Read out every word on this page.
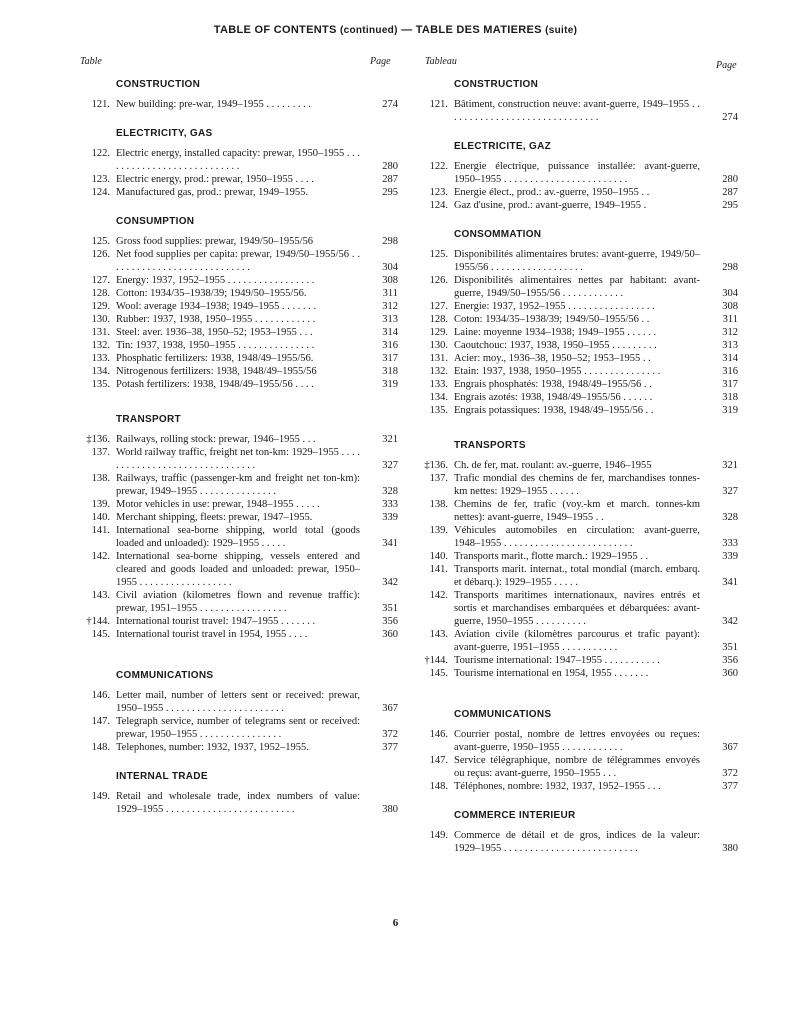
TABLE OF CONTENTS (continued) — TABLE DES MATIERES (suite)
Table	Page	Tableau	Page
CONSTRUCTION
121. New building: pre-war, 1949–1955 . . . . . . . . .	274
ELECTRICITY, GAS
122. Electric energy, installed capacity: prewar, 1950–1955 . . . . . . . . . . . . . . . . . . . . . . . . . . .	280
123. Electric energy, prod.: prewar, 1950–1955 . . . .	287
124. Manufactured gas, prod.: prewar, 1949–1955.	295
CONSUMPTION
125. Gross food supplies: prewar, 1949/50–1955/56	298
126. Net food supplies per capita: prewar, 1949/50–1955/56 . . . . . . . . . . . . . . . . . . . . . . . . . . . .	304
127. Energy: 1937, 1952–1955 . . . . . . . . . . . . . . . . .	308
128. Cotton: 1934/35–1938/39; 1949/50–1955/56.	311
129. Wool: average 1934–1938; 1949–1955 . . . . . . .	312
130. Rubber: 1937, 1938, 1950–1955 . . . . . . . . . . . .	313
131. Steel: aver. 1936–38, 1950–52; 1953–1955 . . .	314
132. Tin: 1937, 1938, 1950–1955 . . . . . . . . . . . . . . .	316
133. Phosphatic fertilizers: 1938, 1948/49–1955/56.	317
134. Nitrogenous fertilizers: 1938, 1948/49–1955/56	318
135. Potash fertilizers: 1938, 1948/49–1955/56 . . . .	319
TRANSPORT
‡136. Railways, rolling stock: prewar, 1946–1955 . . .	321
137. World railway traffic, freight net ton-km: 1929–1955 . . . . . . . . . . . . . . . . . . . . . . . . . . . . . . .	327
138. Railways, traffic (passenger-km and freight net ton-km): prewar, 1949–1955 . . . . . . . . . . . . . . .	328
139. Motor vehicles in use: prewar, 1948–1955 . . . . .	333
140. Merchant shipping, fleets: prewar, 1947–1955.	339
141. International sea-borne shipping, world total (goods loaded and unloaded): 1929–1955 . . . . .	341
142. International sea-borne shipping, vessels entered and cleared and goods loaded and unloaded: prewar, 1950–1955 . . . . . . . . . . . . . . . . . .	342
143. Civil aviation (kilometres flown and revenue traffic): prewar, 1951–1955 . . . . . . . . . . . . . . . . .	351
†144. International tourist travel: 1947–1955 . . . . . . .	356
145. International tourist travel in 1954, 1955 . . . .	360
COMMUNICATIONS
146. Letter mail, number of letters sent or received: prewar, 1950–1955 . . . . . . . . . . . . . . . . . . . . . . .	367
147. Telegraph service, number of telegrams sent or received: prewar, 1950–1955 . . . . . . . . . . . . . . . .	372
148. Telephones, number: 1932, 1937, 1952–1955.	377
INTERNAL TRADE
149. Retail and wholesale trade, index numbers of value: 1929–1955 . . . . . . . . . . . . . . . . . . . . . . . . .	380
CONSTRUCTION
121. Bâtiment, construction neuve: avant-guerre, 1949–1955 . . . . . . . . . . . . . . . . . . . . . . . . . . . . . .	274
ELECTRICITE, GAZ
122. Energie électrique, puissance installée: avant-guerre, 1950–1955 . . . . . . . . . . . . . . . . . . . . . . . .	280
123. Energie élect., prod.: av.-guerre, 1950–1955 . .	287
124. Gaz d'usine, prod.: avant-guerre, 1949–1955 .	295
CONSOMMATION
125. Disponibilités alimentaires brutes: avant-guerre, 1949/50–1955/56 . . . . . . . . . . . . . . . . . .	298
126. Disponibilités alimentaires nettes par habitant: avant-guerre, 1949/50–1955/56 . . . . . . . . . . . .	304
127. Energie: 1937, 1952–1955 . . . . . . . . . . . . . . . . .	308
128. Coton: 1934/35–1938/39; 1949/50–1955/56 . .	311
129. Laine: moyenne 1934–1938; 1949–1955 . . . . . .	312
130. Caoutchouc: 1937, 1938, 1950–1955 . . . . . . . . .	313
131. Acier: moy., 1936–38, 1950–52; 1953–1955 . .	314
132. Etain: 1937, 1938, 1950–1955 . . . . . . . . . . . . . . .	316
133. Engrais phosphatés: 1938, 1948/49–1955/56 . .	317
134. Engrais azotés: 1938, 1948/49–1955/56 . . . . . .	318
135. Engrais potassiques: 1938, 1948/49–1955/56 . .	319
TRANSPORTS
‡136. Ch. de fer, mat. roulant: av.-guerre, 1946–1955	321
137. Trafic mondial des chemins de fer, marchandises tonnes-km nettes: 1929–1955 . . . . . .	327
138. Chemins de fer, trafic (voy.-km et march. tonnes-km nettes): avant-guerre, 1949–1955 . .	328
139. Véhicules automobiles en circulation: avant-guerre, 1948–1955 . . . . . . . . . . . . . . . . . . . . . . . . .	333
140. Transports marit., flotte march.: 1929–1955 . .	339
141. Transports marit. internat., total mondial (march. embarq. et débarq.): 1929–1955 . . . . .	341
142. Transports maritimes internationaux, navires entrés et sortis et marchandises embarquées et débarquées: avant-guerre, 1950–1955 . . . . . . . . . .	342
143. Aviation civile (kilomètres parcourus et trafic payant): avant-guerre, 1951–1955 . . . . . . . . . . .	351
†144. Tourisme international: 1947–1955 . . . . . . . . . . .	356
145. Tourisme international en 1954, 1955 . . . . . . .	360
COMMUNICATIONS
146. Courrier postal, nombre de lettres envoyées ou reçues: avant-guerre, 1950–1955 . . . . . . . . . . . .	367
147. Service télégraphique, nombre de télégrammes envoyés ou reçus: avant-guerre, 1950–1955 . . .	372
148. Téléphones, nombre: 1932, 1937, 1952–1955 . . .	377
COMMERCE INTERIEUR
149. Commerce de détail et de gros, indices de la valeur: 1929–1955 . . . . . . . . . . . . . . . . . . . . . . . . . .	380
6
